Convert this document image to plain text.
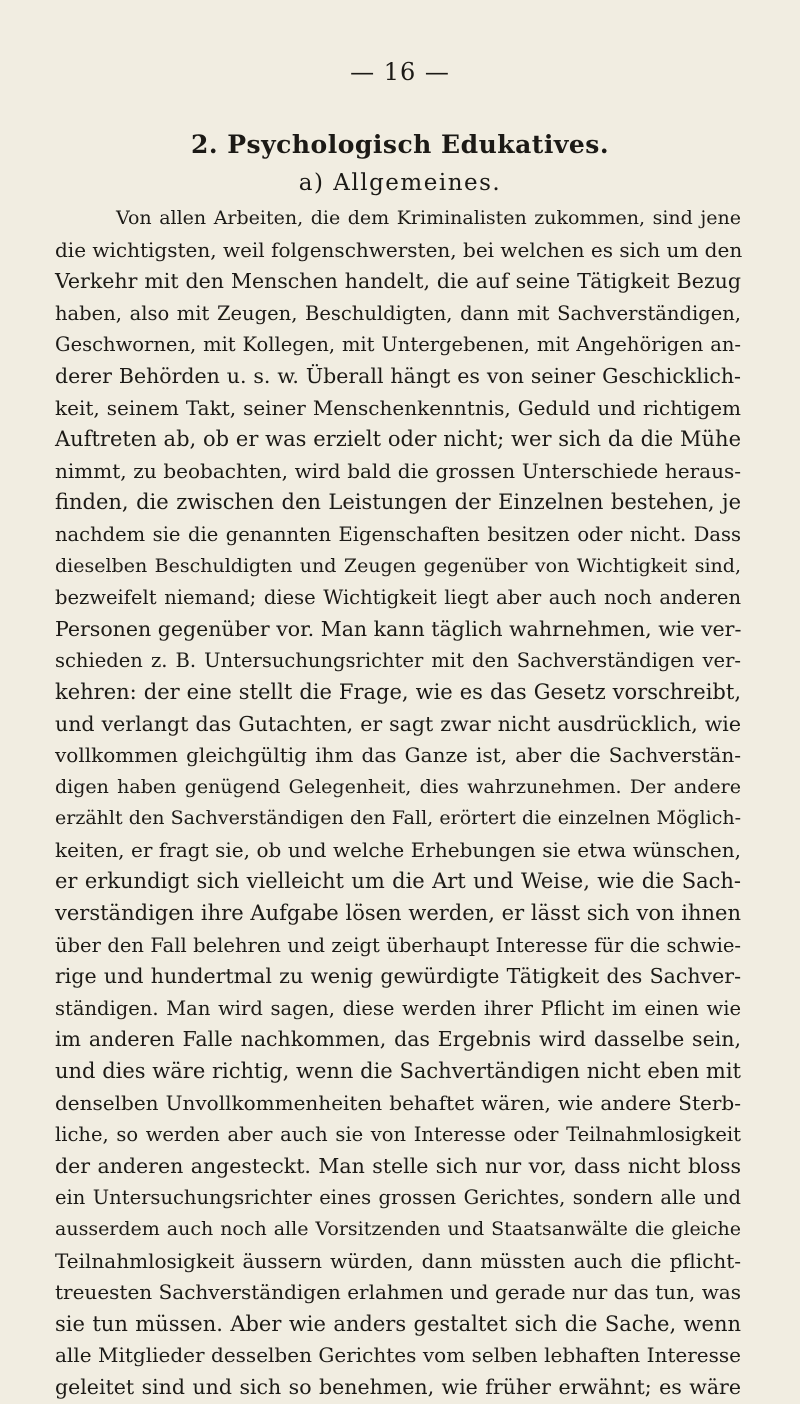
— 16 —
2. Psychologisch Edukatives.
a) Allgemeines.
Von allen Arbeiten, die dem Kriminalisten zukommen, sind jene
die wichtigsten, weil folgenschwersten, bei welchen es sich um den
Verkehr mit den Menschen handelt, die auf seine Tätigkeit Bezug
haben, also mit Zeugen, Beschuldigten, dann mit Sachverständigen,
Geschwornen, mit Kollegen, mit Untergebenen, mit Angehörigen an-
derer Behörden u. s. w. Überall hängt es von seiner Geschicklich-
keit, seinem Takt, seiner Menschenkenntnis, Geduld und richtigem
Auftreten ab, ob er was erzielt oder nicht; wer sich da die Mühe
nimmt, zu beobachten, wird bald die grossen Unterschiede heraus-
finden, die zwischen den Leistungen der Einzelnen bestehen, je
nachdem sie die genannten Eigenschaften besitzen oder nicht. Dass
dieselben Beschuldigten und Zeugen gegenüber von Wichtigkeit sind,
bezweifelt niemand; diese Wichtigkeit liegt aber auch noch anderen
Personen gegenüber vor. Man kann täglich wahrnehmen, wie ver-
schieden z. B. Untersuchungsrichter mit den Sachverständigen ver-
kehren: der eine stellt die Frage, wie es das Gesetz vorschreibt,
und verlangt das Gutachten, er sagt zwar nicht ausdrücklich, wie
vollkommen gleichgültig ihm das Ganze ist, aber die Sachverstän-
digen haben genügend Gelegenheit, dies wahrzunehmen. Der andere
erzählt den Sachverständigen den Fall, erörtert die einzelnen Möglich-
keiten, er fragt sie, ob und welche Erhebungen sie etwa wünschen,
er erkundigt sich vielleicht um die Art und Weise, wie die Sach-
verständigen ihre Aufgabe lösen werden, er lässt sich von ihnen
über den Fall belehren und zeigt überhaupt Interesse für die schwie-
rige und hundertmal zu wenig gewürdigte Tätigkeit des Sachver-
ständigen. Man wird sagen, diese werden ihrer Pflicht im einen wie
im anderen Falle nachkommen, das Ergebnis wird dasselbe sein,
und dies wäre richtig, wenn die Sachvertändigen nicht eben mit
denselben Unvollkommenheiten behaftet wären, wie andere Sterb-
liche, so werden aber auch sie von Interesse oder Teilnahmlosigkeit
der anderen angesteckt. Man stelle sich nur vor, dass nicht bloss
ein Untersuchungsrichter eines grossen Gerichtes, sondern alle und
ausserdem auch noch alle Vorsitzenden und Staatsanwälte die gleiche
Teilnahmlosigkeit äussern würden, dann müssten auch die pflicht-
treuesten Sachverständigen erlahmen und gerade nur das tun, was
sie tun müssen. Aber wie anders gestaltet sich die Sache, wenn
alle Mitglieder desselben Gerichtes vom selben lebhaften Interesse
geleitet sind und sich so benehmen, wie früher erwähnt; es wäre
